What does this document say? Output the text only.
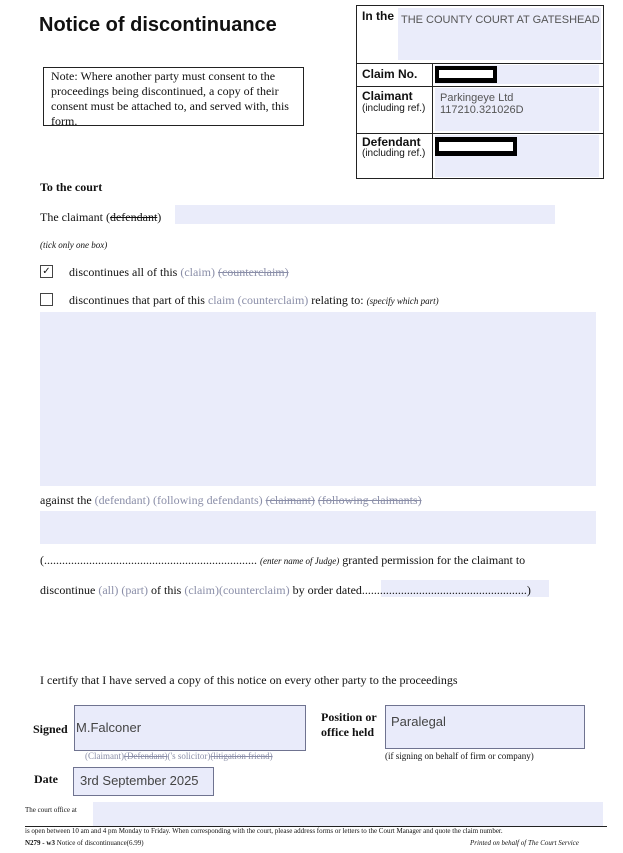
Notice of discontinuance
Note: Where another party must consent to the proceedings being discontinued, a copy of their consent must be attached to, and served with, this form.
In the THE COUNTY COURT AT GATESHEAD
Claim No.
Claimant
(including ref.)
Parkingeye Ltd
117210.321026D
Defendant
(including ref.)
To the court
The claimant (defendant)
(tick only one box)
✓ discontinues all of this (claim) (counterclaim)
discontinues that part of this claim (counterclaim) relating to: (specify which part)
against the (defendant) (following defendants) (claimant) (following claimants)
(....................................................................... (enter name of Judge) granted permission for the claimant to
discontinue (all) (part) of this (claim)(counterclaim) by order dated.......................................................)
I certify that I have served a copy of this notice on every other party to the proceedings
Signed M.Falconer
Position or
office held
Paralegal
(Claimant)(Defendant)('s solicitor)(litigation friend)	(if signing on behalf of firm or company)
Date 3rd September 2025
The court office at
is open between 10 am and 4 pm Monday to Friday. When corresponding with the court, please address forms or letters to the Court Manager and quote the claim number.
N279 - w3 Notice of discontinuance(6.99)	Printed on behalf of The Court Service
